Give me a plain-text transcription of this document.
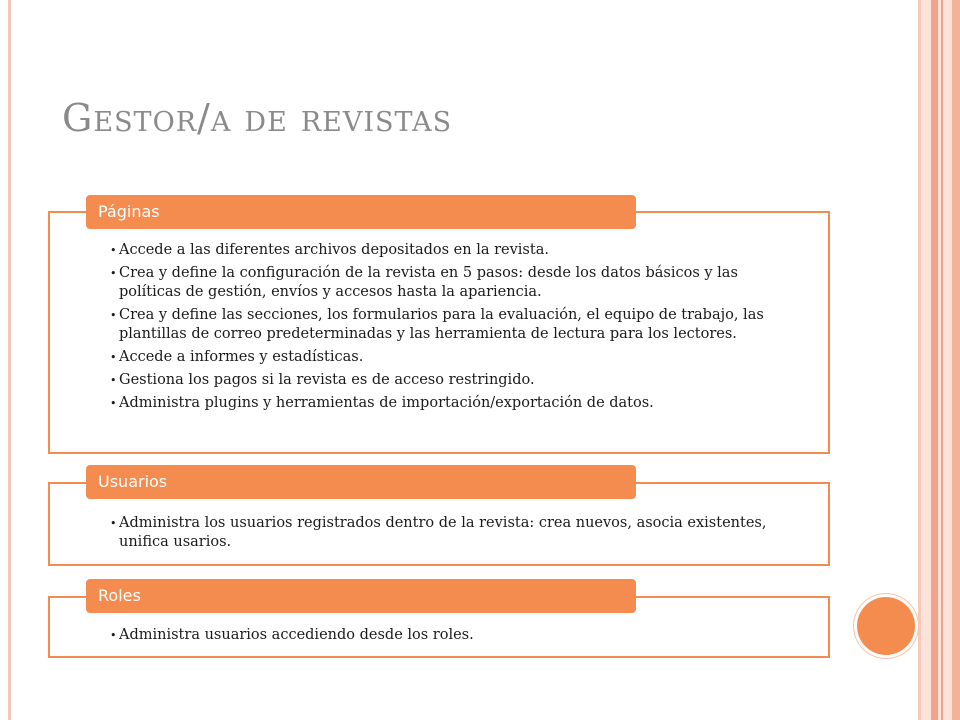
Gestor/a de revistas
Páginas
• Accede a las diferentes archivos depositados en la revista.
• Crea y define la configuración de la revista en 5 pasos: desde los datos básicos y las políticas de gestión, envíos y accesos hasta la apariencia.
• Crea y define las secciones, los formularios para la evaluación, el equipo de trabajo, las plantillas de correo predeterminadas y las herramienta de lectura para los lectores.
• Accede a informes y estadísticas.
• Gestiona los pagos si la revista es de acceso restringido.
• Administra plugins y herramientas de importación/exportación de datos.
Usuarios
• Administra los usuarios registrados dentro de la revista: crea nuevos, asocia existentes, unifica usarios.
Roles
• Administra usuarios accediendo desde los roles.
